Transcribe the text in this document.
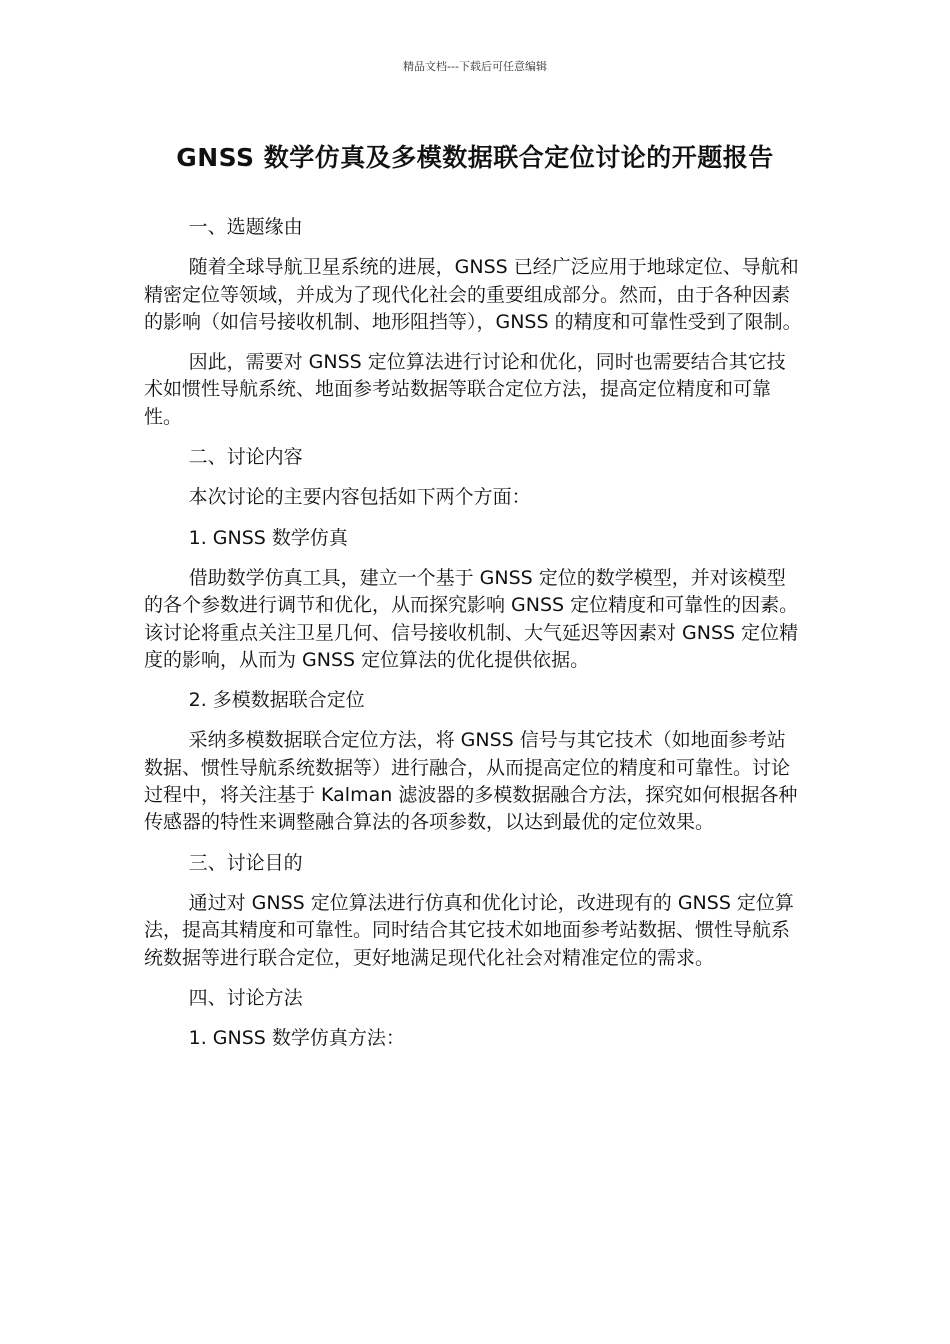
精品文档---下载后可任意编辑
GNSS 数学仿真及多模数据联合定位讨论的开题报告
一、选题缘由
随着全球导航卫星系统的进展，GNSS 已经广泛应用于地球定位、导航和精密定位等领域，并成为了现代化社会的重要组成部分。然而，由于各种因素的影响（如信号接收机制、地形阻挡等），GNSS 的精度和可靠性受到了限制。
因此，需要对 GNSS 定位算法进行讨论和优化，同时也需要结合其它技术如惯性导航系统、地面参考站数据等联合定位方法，提高定位精度和可靠性。
二、讨论内容
本次讨论的主要内容包括如下两个方面：
1. GNSS 数学仿真
借助数学仿真工具，建立一个基于 GNSS 定位的数学模型，并对该模型的各个参数进行调节和优化，从而探究影响 GNSS 定位精度和可靠性的因素。该讨论将重点关注卫星几何、信号接收机制、大气延迟等因素对 GNSS 定位精度的影响，从而为 GNSS 定位算法的优化提供依据。
2. 多模数据联合定位
采纳多模数据联合定位方法，将 GNSS 信号与其它技术（如地面参考站数据、惯性导航系统数据等）进行融合，从而提高定位的精度和可靠性。讨论过程中，将关注基于 Kalman 滤波器的多模数据融合方法，探究如何根据各种传感器的特性来调整融合算法的各项参数，以达到最优的定位效果。
三、讨论目的
通过对 GNSS 定位算法进行仿真和优化讨论，改进现有的 GNSS 定位算法，提高其精度和可靠性。同时结合其它技术如地面参考站数据、惯性导航系统数据等进行联合定位，更好地满足现代化社会对精准定位的需求。
四、讨论方法
1. GNSS 数学仿真方法：
